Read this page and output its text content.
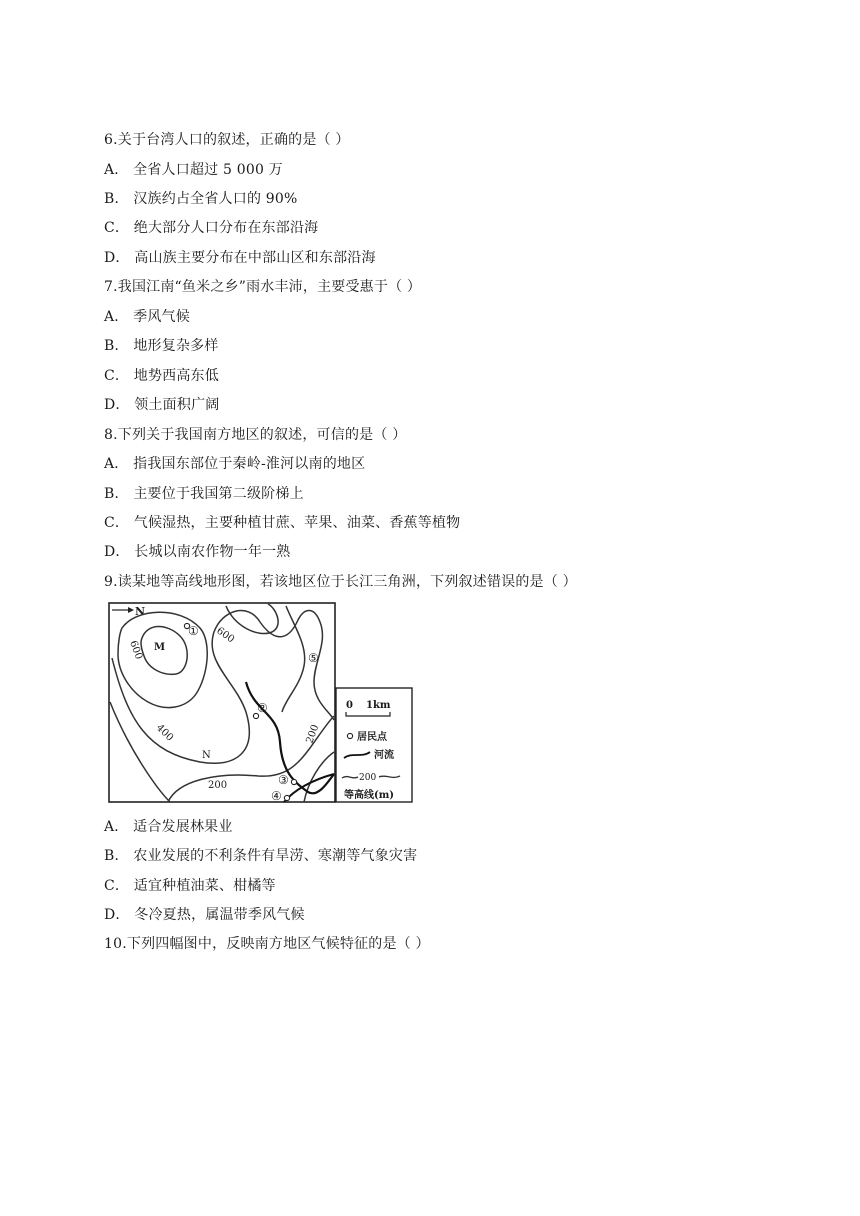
6.关于台湾人口的叙述，正确的是（ ）
A． 全省人口超过 5 000 万
B． 汉族约占全省人口的 90%
C． 绝大部分人口分布在东部沿海
D． 高山族主要分布在中部山区和东部沿海
7.我国江南“鱼米之乡”雨水丰沛，主要受惠于（ ）
A． 季风气候
B． 地形复杂多样
C． 地势西高东低
D． 领土面积广阔
8.下列关于我国南方地区的叙述，可信的是（ ）
A． 指我国东部位于秦岭-淮河以南的地区
B． 主要位于我国第二级阶梯上
C． 气候湿热，主要种植甘蔗、苹果、油菜、香蕉等植物
D． 长城以南农作物一年一熟
9.读某地等高线地形图，若该地区位于长江三角洲，下列叙述错误的是（ ）
N
M
600
600
400
200
200
N
①
②
③
④
⑤
0 1km
居民点
河流
200
等高线(m)
A． 适合发展林果业
B． 农业发展的不利条件有旱涝、寒潮等气象灾害
C． 适宜种植油菜、柑橘等
D． 冬冷夏热，属温带季风气候
10.下列四幅图中，反映南方地区气候特征的是（ ）
